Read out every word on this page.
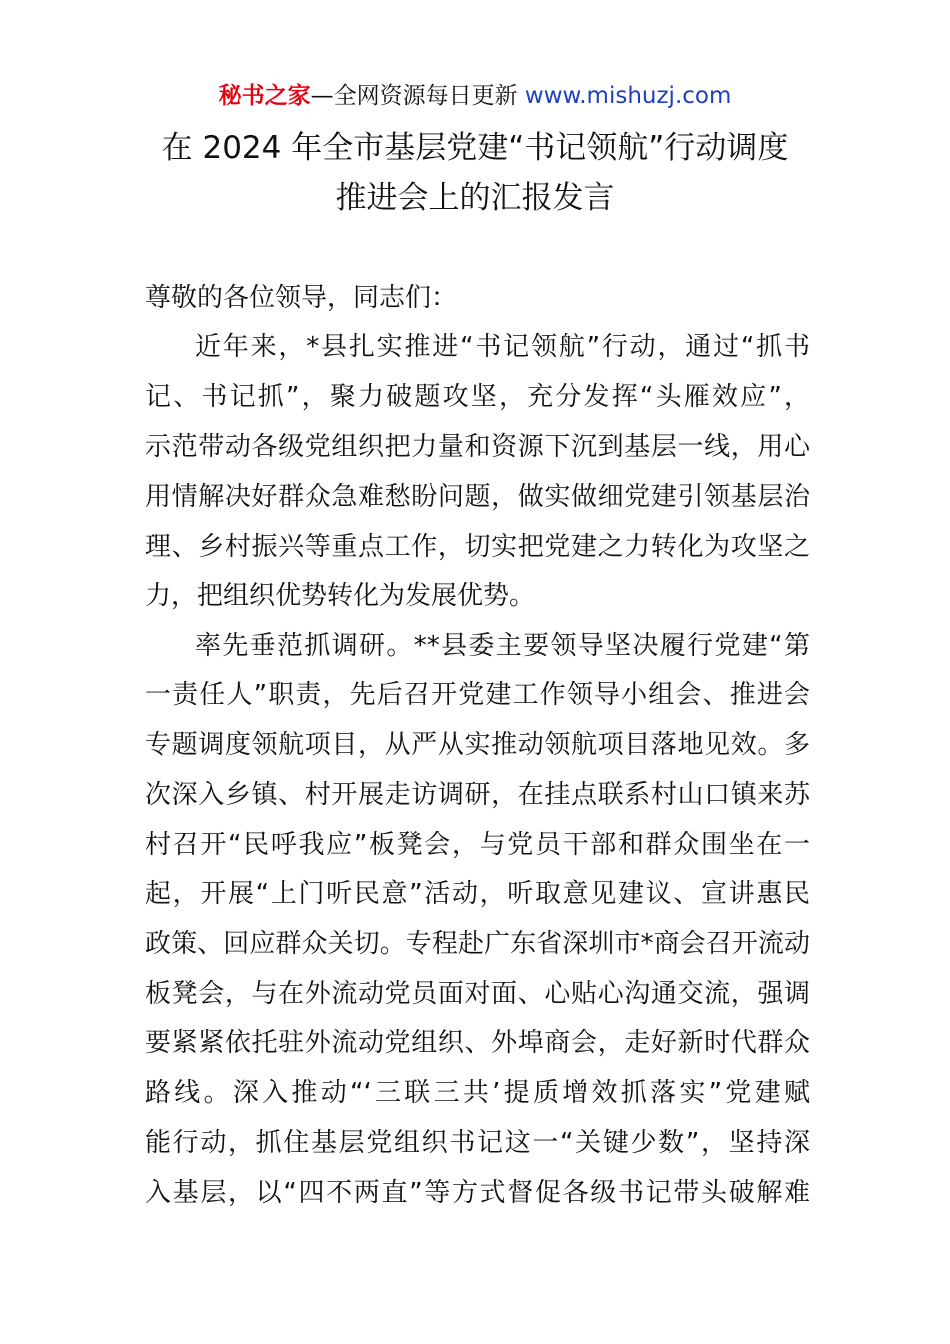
秘书之家—全网资源每日更新 www.mishuzj.com
在 2024 年全市基层党建“书记领航”行动调度
推进会上的汇报发言
尊敬的各位领导，同志们：
近年来，*县扎实推进“书记领航”行动，通过“抓书
记、书记抓”，聚力破题攻坚，充分发挥“头雁效应”，
示范带动各级党组织把力量和资源下沉到基层一线，用心
用情解决好群众急难愁盼问题，做实做细党建引领基层治
理、乡村振兴等重点工作，切实把党建之力转化为攻坚之
力，把组织优势转化为发展优势。
率先垂范抓调研。**县委主要领导坚决履行党建“第
一责任人”职责，先后召开党建工作领导小组会、推进会
专题调度领航项目，从严从实推动领航项目落地见效。多
次深入乡镇、村开展走访调研，在挂点联系村山口镇来苏
村召开“民呼我应”板凳会，与党员干部和群众围坐在一
起，开展“上门听民意”活动，听取意见建议、宣讲惠民
政策、回应群众关切。专程赴广东省深圳市*商会召开流动
板凳会，与在外流动党员面对面、心贴心沟通交流，强调
要紧紧依托驻外流动党组织、外埠商会，走好新时代群众
路线。深入推动“‘三联三共’提质增效抓落实”党建赋
能行动，抓住基层党组织书记这一“关键少数”，坚持深
入基层，以“四不两直”等方式督促各级书记带头破解难
